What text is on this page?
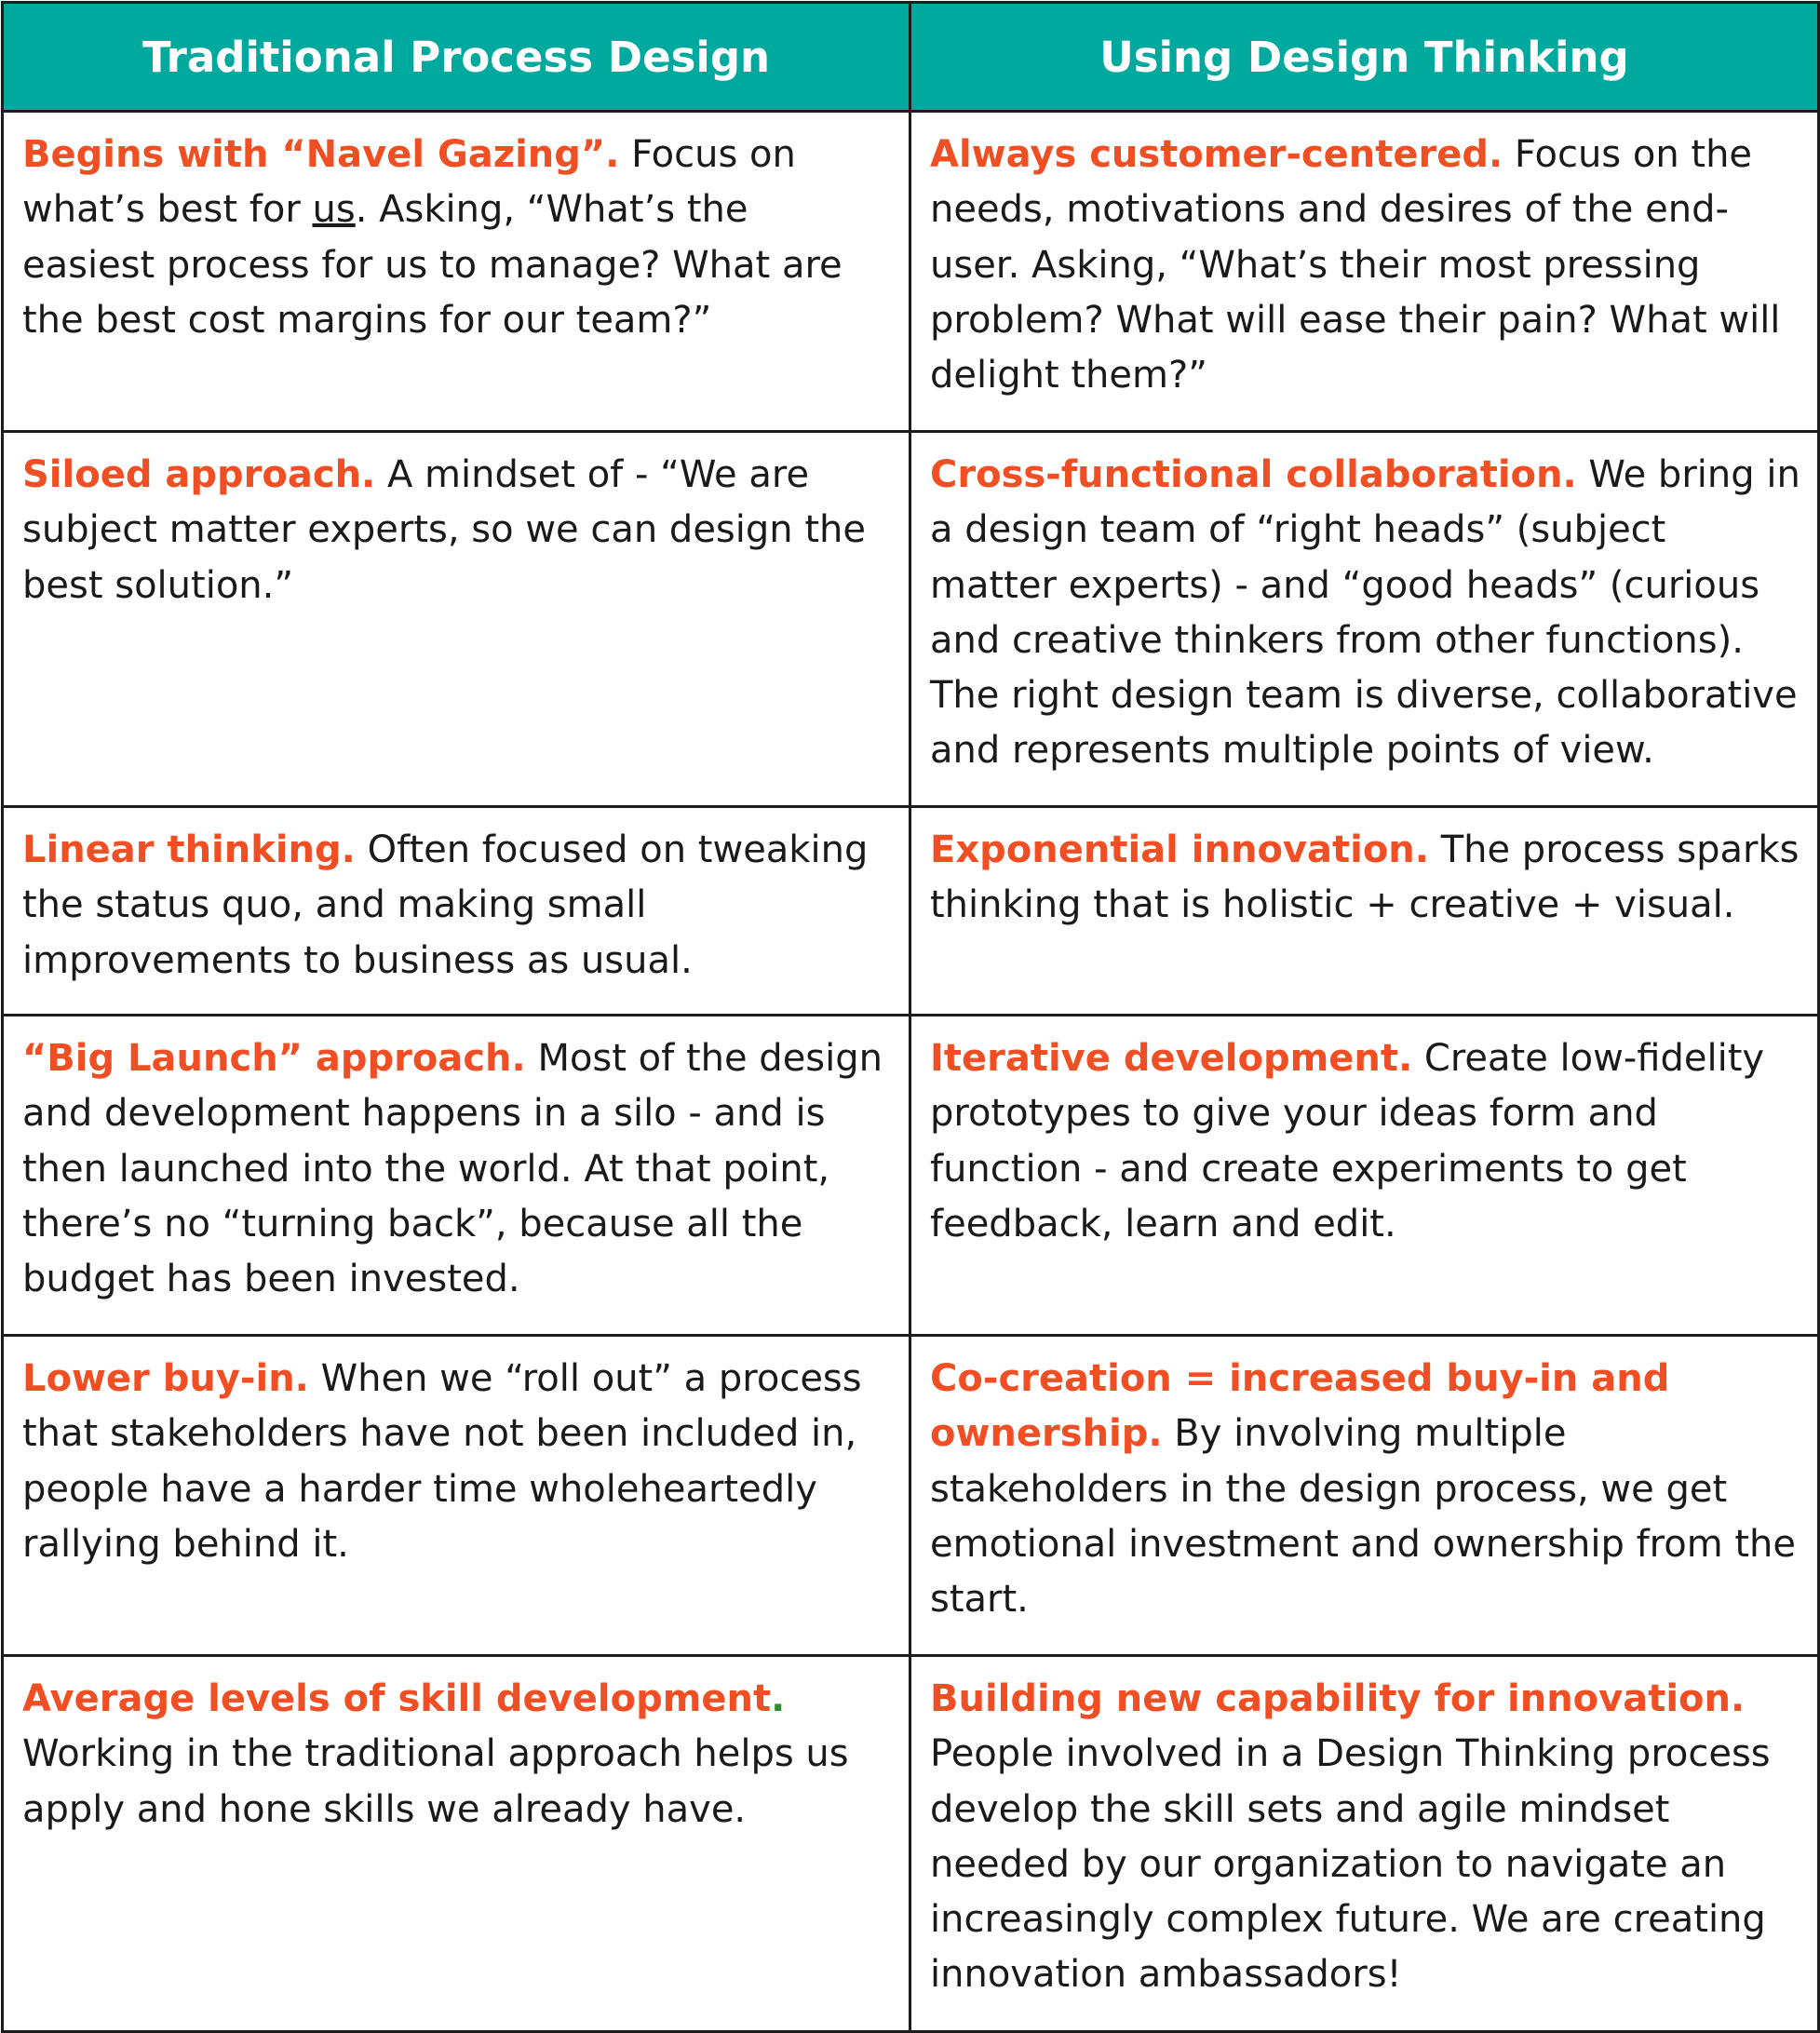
Traditional Process Design	Using Design Thinking
Begins with “Navel Gazing”. Focus on what’s best for us. Asking, “What’s the easiest process for us to manage? What are the best cost margins for our team?”	Always customer-centered. Focus on the needs, motivations and desires of the end-user. Asking, “What’s their most pressing problem? What will ease their pain? What will delight them?”
Siloed approach. A mindset of - “We are subject matter experts, so we can design the best solution.”	Cross-functional collaboration. We bring in a design team of “right heads” (subject matter experts) - and “good heads” (curious and creative thinkers from other functions). The right design team is diverse, collaborative and represents multiple points of view.
Linear thinking. Often focused on tweaking the status quo, and making small improvements to business as usual.	Exponential innovation. The process sparks thinking that is holistic + creative + visual.
“Big Launch” approach. Most of the design and development happens in a silo - and is then launched into the world. At that point, there’s no “turning back”, because all the budget has been invested.	Iterative development. Create low-fidelity prototypes to give your ideas form and function - and create experiments to get feedback, learn and edit.
Lower buy-in. When we “roll out” a process that stakeholders have not been included in, people have a harder time wholeheartedly rallying behind it.	Co-creation = increased buy-in and ownership. By involving multiple stakeholders in the design process, we get emotional investment and ownership from the start.
Average levels of skill development. Working in the traditional approach helps us apply and hone skills we already have.	Building new capability for innovation. People involved in a Design Thinking process develop the skill sets and agile mindset needed by our organization to navigate an increasingly complex future. We are creating innovation ambassadors!
